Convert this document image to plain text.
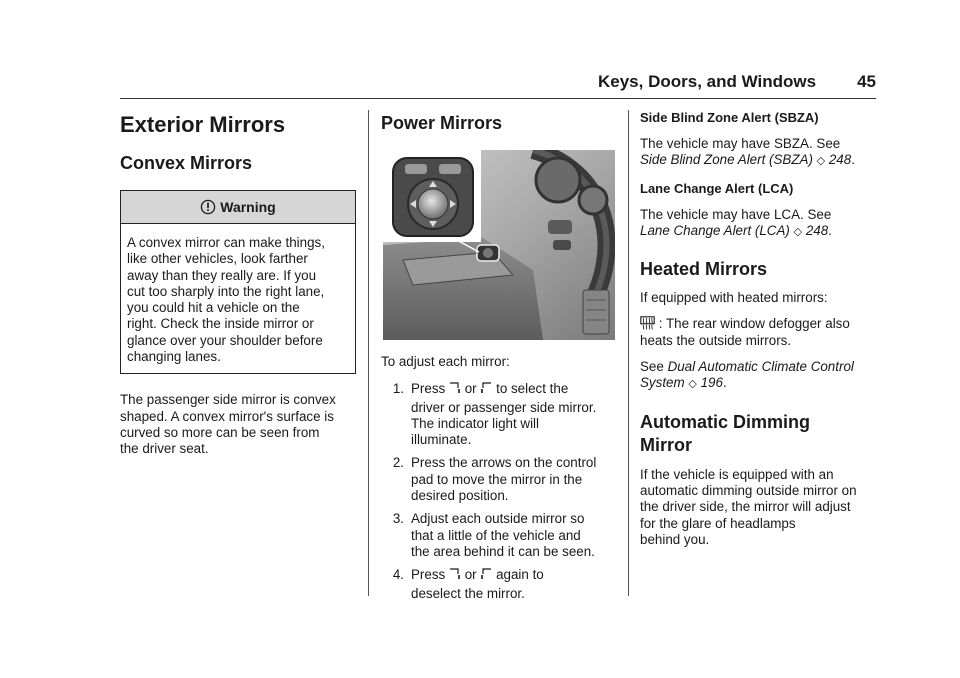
Keys, Doors, and Windows 45
Exterior Mirrors
Convex Mirrors
Warning

A convex mirror can make things,

like other vehicles, look farther

away than they really are. If you

cut too sharply into the right lane,

you could hit a vehicle on the

right. Check the inside mirror or

glance over your shoulder before

changing lanes.

The passenger side mirror is convex

shaped. A convex mirror's surface is

curved so more can be seen from

the driver seat.

Power Mirrors

To adjust each mirror:

1. Press or to select the

driver or passenger side mirror.

The indicator light will

illuminate.

2. Press the arrows on the control

pad to move the mirror in the

desired position.

3. Adjust each outside mirror so

that a little of the vehicle and

the area behind it can be seen.

4. Press or again to

deselect the mirror.

Side Blind Zone Alert (SBZA)

The vehicle may have SBZA. See

Side Blind Zone Alert (SBZA) ◇ 248.

Lane Change Alert (LCA)

The vehicle may have LCA. See

Lane Change Alert (LCA) ◇ 248.

Heated Mirrors

If equipped with heated mirrors:

: The rear window defogger also

heats the outside mirrors.

See Dual Automatic Climate Control

System ◇ 196.

Automatic Dimming
Mirror

If the vehicle is equipped with an

automatic dimming outside mirror on

the driver side, the mirror will adjust

for the glare of headlamps

behind you.
